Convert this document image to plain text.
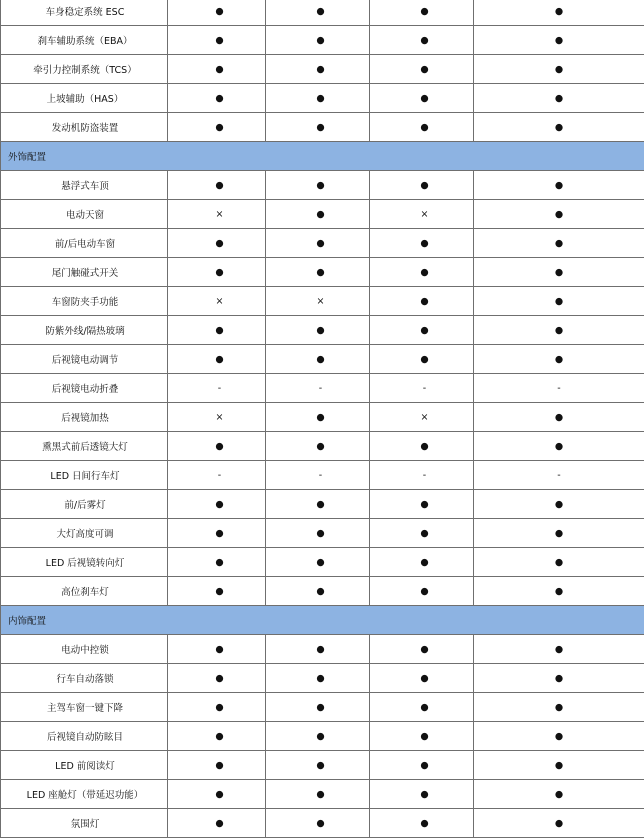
车身稳定系统 ESC	●	●	●	●
刹车辅助系统（EBA）	●	●	●	●
牵引力控制系统（TCS）	●	●	●	●
上坡辅助（HAS）	●	●	●	●
发动机防盗装置	●	●	●	●
外饰配置				
悬浮式车顶	●	●	●	●
电动天窗	×	●	×	●
前/后电动车窗	●	●	●	●
尾门触碰式开关	●	●	●	●
车窗防夹手功能	×	×	●	●
防紫外线/隔热玻璃	●	●	●	●
后视镜电动调节	●	●	●	●
后视镜电动折叠	-	-	-	-
后视镜加热	×	●	×	●
熏黑式前后透镜大灯	●	●	●	●
LED 日间行车灯	-	-	-	-
前/后雾灯	●	●	●	●
大灯高度可调	●	●	●	●
LED 后视镜转向灯	●	●	●	●
高位刹车灯	●	●	●	●
内饰配置				
电动中控锁	●	●	●	●
行车自动落锁	●	●	●	●
主驾车窗一键下降	●	●	●	●
后视镜自动防眩目	●	●	●	●
LED 前阅读灯	●	●	●	●
LED 座舱灯（带延迟功能）	●	●	●	●
氛围灯	●	●	●	●
